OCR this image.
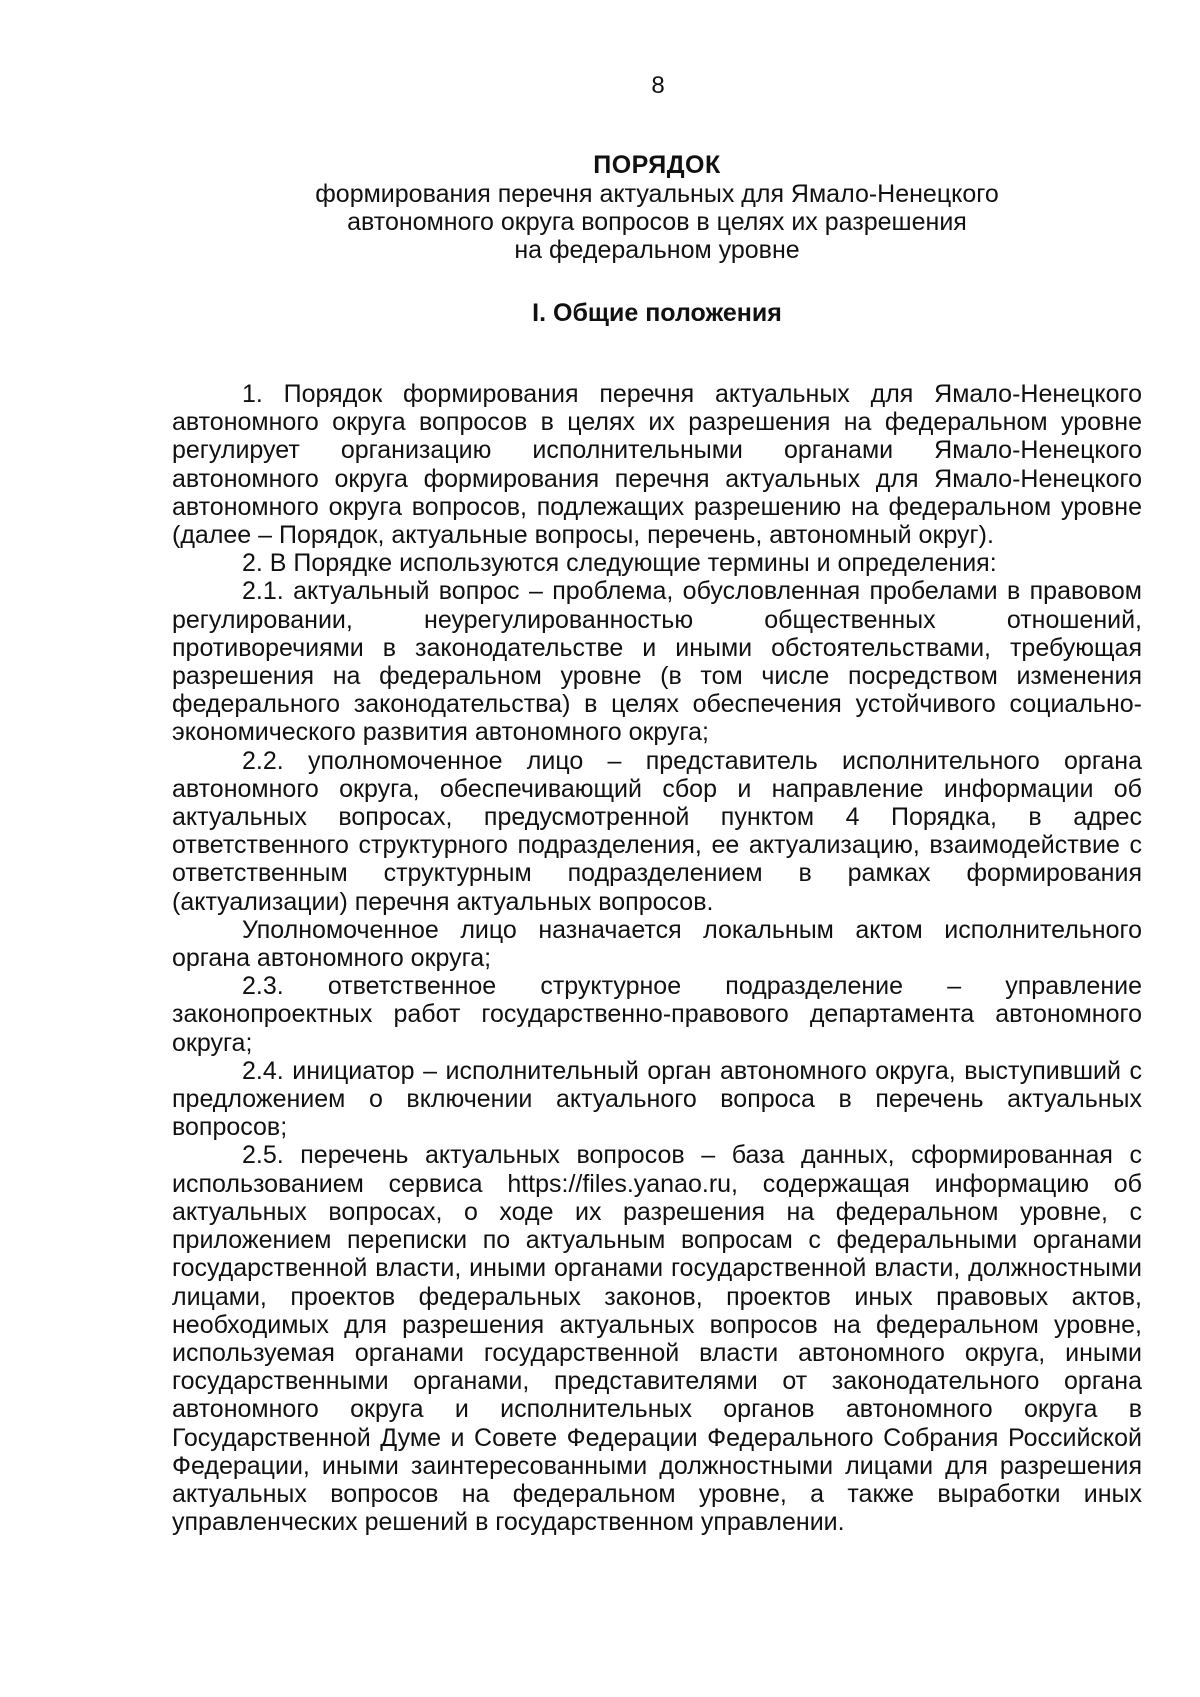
8

ПОРЯДОК

формирования перечня актуальных для Ямало-Ненецкого

автономного округа вопросов в целях их разрешения

на федеральном уровне

I. Общие положения

1. Порядок формирования перечня актуальных для Ямало-Ненецкого автономного округа вопросов в целях их разрешения на федеральном уровне регулирует организацию исполнительными органами Ямало-Ненецкого автономного округа формирования перечня актуальных для Ямало-Ненецкого автономного округа вопросов, подлежащих разрешению на федеральном уровне (далее – Порядок, актуальные вопросы, перечень, автономный округ).

2. В Порядке используются следующие термины и определения:

2.1. актуальный вопрос – проблема, обусловленная пробелами в правовом регулировании, неурегулированностью общественных отношений, противоречиями в законодательстве и иными обстоятельствами, требующая разрешения на федеральном уровне (в том числе посредством изменения федерального законодательства) в целях обеспечения устойчивого социально-экономического развития автономного округа;

2.2. уполномоченное лицо – представитель исполнительного органа автономного округа, обеспечивающий сбор и направление информации об актуальных вопросах, предусмотренной пунктом 4 Порядка, в адрес ответственного структурного подразделения, ее актуализацию, взаимодействие с ответственным структурным подразделением в рамках формирования (актуализации) перечня актуальных вопросов.

Уполномоченное лицо назначается локальным актом исполнительного органа автономного округа;

2.3. ответственное структурное подразделение – управление законопроектных работ государственно-правового департамента автономного округа;

2.4. инициатор – исполнительный орган автономного округа, выступивший с предложением о включении актуального вопроса в перечень актуальных вопросов;

2.5. перечень актуальных вопросов – база данных, сформированная с использованием сервиса https://files.yanao.ru, содержащая информацию об актуальных вопросах, о ходе их разрешения на федеральном уровне, с приложением переписки по актуальным вопросам с федеральными органами государственной власти, иными органами государственной власти, должностными лицами, проектов федеральных законов, проектов иных правовых актов, необходимых для разрешения актуальных вопросов на федеральном уровне, используемая органами государственной власти автономного округа, иными государственными органами, представителями от законодательного органа автономного округа и исполнительных органов автономного округа в Государственной Думе и Совете Федерации Федерального Собрания Российской Федерации, иными заинтересованными должностными лицами для разрешения актуальных вопросов на федеральном уровне, а также выработки иных управленческих решений в государственном управлении.
